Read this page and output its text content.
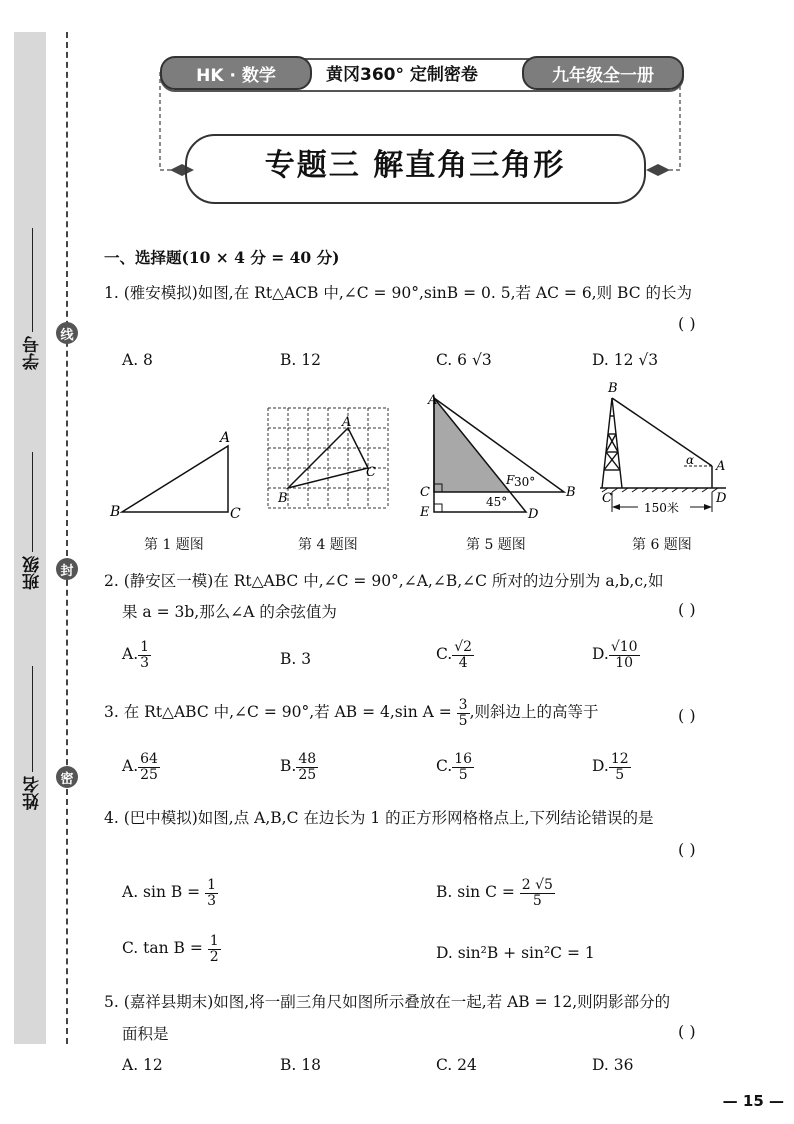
学号
班级
姓名
线
封
密
HK · 数学	黄冈360° 定制密卷	九年级全一册
专题三 解直角三角形
一、选择题(10 × 4 分 = 40 分)
1. (雅安模拟)如图,在 Rt△ACB 中,∠C = 90°,sinB = 0. 5,若 AC = 6,则 BC 的长为
( )
A. 8	B. 12	C. 6 √3	D. 12 √3
A
B	C
第 1 题图
A
B
C
第 4 题图
A
B
C
D
E
F 30°
45°
第 5 题图
B
A
C	D
α
150米
第 6 题图
2. (静安区一模)在 Rt△ABC 中,∠C = 90°,∠A,∠B,∠C 所对的边分别为 a,b,c,如
果 a = 3b,那么∠A 的余弦值为	( )
A. $\frac{1}{3}$	B. 3	C. $\frac{√2}{4}$	D. $\frac{√10}{10}$
3. 在 Rt△ABC 中,∠C = 90°,若 AB = 4,sin $A = \frac{3}{5}$ ,则斜边上的高等于	( )
A. $\frac{64}{25}$	B. $\frac{48}{25}$	C. $\frac{16}{5}$	D. $\frac{12}{5}$
4. (巴中模拟)如图,点 A,B,C 在边长为 1 的正方形网格格点上,下列结论错误的是
( )
A. $\sin B = \frac{1}{3}$	B. $\sin C = \frac{2 √5}{5}$
C. $\tan B = \frac{1}{2}$	D. sin²B + sin²C = 1
5. (嘉祥县期末)如图,将一副三角尺如图所示叠放在一起,若 AB = 12,则阴影部分的
面积是	( )
A. 12	B. 18	C. 24	D. 36
— 15 —
